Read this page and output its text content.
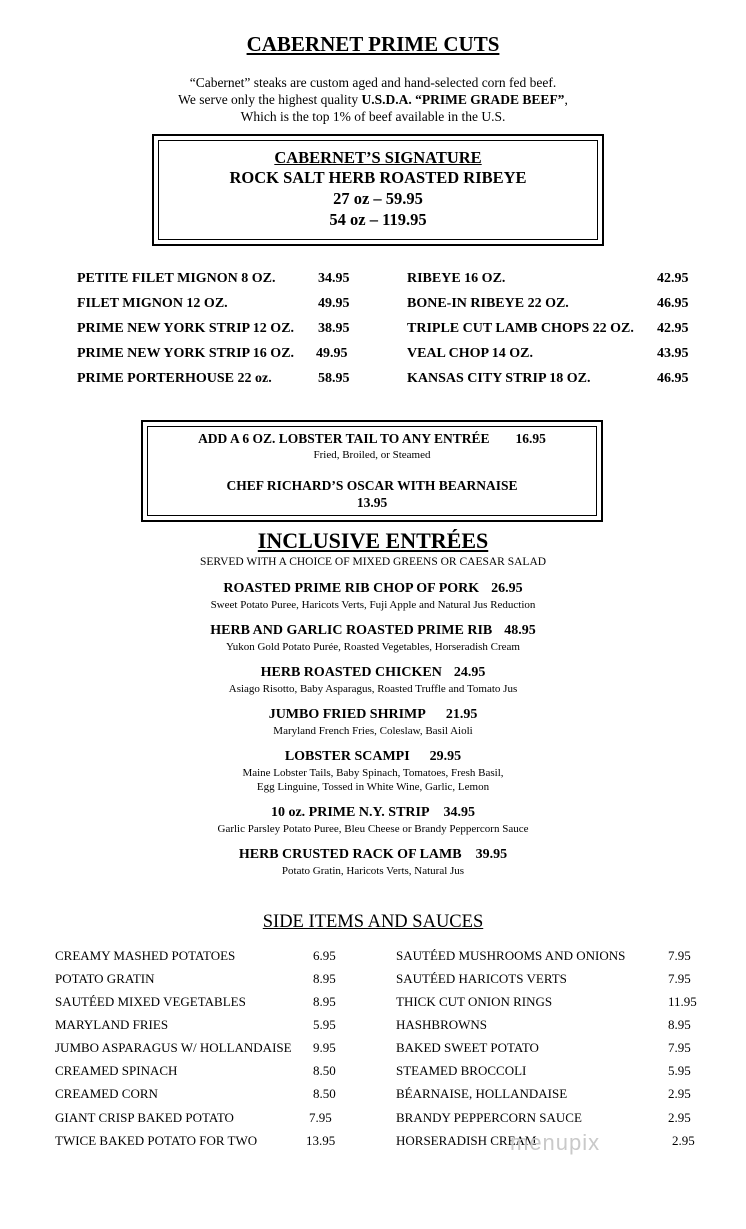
CABERNET PRIME CUTS
“Cabernet” steaks are custom aged and hand-selected corn fed beef.
We serve only the highest quality U.S.D.A. “PRIME GRADE BEEF”,
Which is the top 1% of beef available in the U.S.
CABERNET’S SIGNATURE
ROCK SALT HERB ROASTED RIBEYE
27 oz – 59.95
54 oz – 119.95
PETITE FILET MIGNON 8 OZ.	34.95
FILET MIGNON 12 OZ.	49.95
PRIME NEW YORK STRIP 12 OZ. 38.95
PRIME NEW YORK STRIP 16 OZ. 49.95
PRIME PORTERHOUSE 22 oz.	58.95
RIBEYE 16 OZ.	42.95
BONE-IN RIBEYE 22 OZ.	46.95
TRIPLE CUT LAMB CHOPS 22 OZ. 42.95
VEAL CHOP 14 OZ.	43.95
KANSAS CITY STRIP 18 OZ.	46.95
ADD A 6 OZ. LOBSTER TAIL TO ANY ENTRÉE 16.95
Fried, Broiled, or Steamed
CHEF RICHARD’S OSCAR WITH BEARNAISE
13.95
INCLUSIVE ENTRÉES
SERVED WITH A CHOICE OF MIXED GREENS OR CAESAR SALAD
ROASTED PRIME RIB CHOP OF PORK 26.95
Sweet Potato Puree, Haricots Verts, Fuji Apple and Natural Jus Reduction
HERB AND GARLIC ROASTED PRIME RIB 48.95
Yukon Gold Potato Purée, Roasted Vegetables, Horseradish Cream
HERB ROASTED CHICKEN 24.95
Asiago Risotto, Baby Asparagus, Roasted Truffle and Tomato Jus
JUMBO FRIED SHRIMP 21.95
Maryland French Fries, Coleslaw, Basil Aioli
LOBSTER SCAMPI 29.95
Maine Lobster Tails, Baby Spinach, Tomatoes, Fresh Basil,
Egg Linguine, Tossed in White Wine, Garlic, Lemon
10 oz. PRIME N.Y. STRIP 34.95
Garlic Parsley Potato Puree, Bleu Cheese or Brandy Peppercorn Sauce
HERB CRUSTED RACK OF LAMB 39.95
Potato Gratin, Haricots Verts, Natural Jus
SIDE ITEMS AND SAUCES
CREAMY MASHED POTATOES	6.95
POTATO GRATIN	8.95
SAUTÉED MIXED VEGETABLES	8.95
MARYLAND FRIES	5.95
JUMBO ASPARAGUS W/ HOLLANDAISE 9.95
CREAMED SPINACH	8.50
CREAMED CORN	8.50
GIANT CRISP BAKED POTATO	7.95
TWICE BAKED POTATO FOR TWO	13.95
SAUTÉED MUSHROOMS AND ONIONS	7.95
SAUTÉED HARICOTS VERTS	7.95
THICK CUT ONION RINGS	11.95
HASHBROWNS	8.95
BAKED SWEET POTATO	7.95
STEAMED BROCCOLI	5.95
BÉARNAISE, HOLLANDAISE	2.95
BRANDY PEPPERCORN SAUCE	2.95
HORSERADISH CREAM	2.95
menupix
